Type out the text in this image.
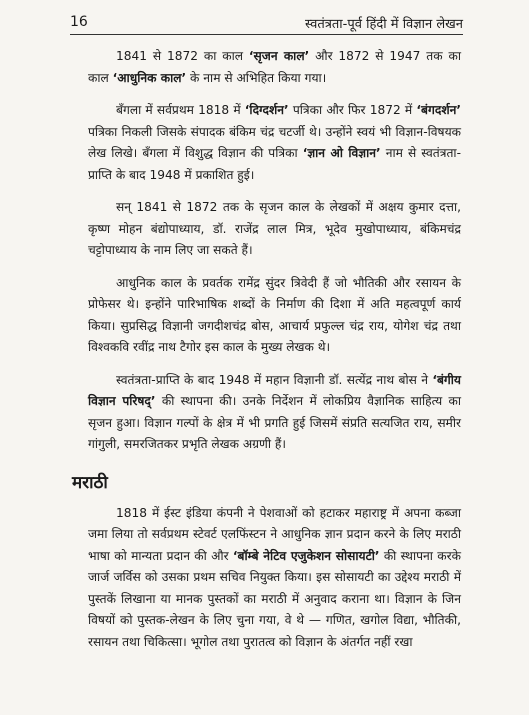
16	स्वतंत्रता-पूर्व हिंदी में विज्ञान लेखन

1841 से 1872 का काल ‘सृजन काल’ और 1872 से 1947 तक का काल ‘आधुनिक काल’ के नाम से अभिहित किया गया।

बँगला में सर्वप्रथम 1818 में ‘दिग्दर्शन’ पत्रिका और फिर 1872 में ‘बंगदर्शन’ पत्रिका निकली जिसके संपादक बंकिम चंद्र चटर्जी थे। उन्होंने स्वयं भी विज्ञान-विषयक लेख लिखे। बँगला में विशुद्ध विज्ञान की पत्रिका ‘ज्ञान ओ विज्ञान’ नाम से स्वतंत्रता-प्राप्ति के बाद 1948 में प्रकाशित हुई।

सन् 1841 से 1872 तक के सृजन काल के लेखकों में अक्षय कुमार दत्ता, कृष्ण मोहन बंद्योपाध्याय, डॉ. राजेंद्र लाल मित्र, भूदेव मुखोपाध्याय, बंकिमचंद्र चट्टोपाध्याय के नाम लिए जा सकते हैं।

आधुनिक काल के प्रवर्तक रामेंद्र सुंदर त्रिवेदी हैं जो भौतिकी और रसायन के प्रोफेसर थे। इन्होंने पारिभाषिक शब्दों के निर्माण की दिशा में अति महत्वपूर्ण कार्य किया। सुप्रसिद्ध विज्ञानी जगदीशचंद्र बोस, आचार्य प्रफुल्ल चंद्र राय, योगेश चंद्र तथा विश्वकवि रवींद्र नाथ टैगोर इस काल के मुख्य लेखक थे।

स्वतंत्रता-प्राप्ति के बाद 1948 में महान विज्ञानी डॉ. सत्येंद्र नाथ बोस ने ‘बंगीय विज्ञान परिषद्’ की स्थापना की। उनके निर्देशन में लोकप्रिय वैज्ञानिक साहित्य का सृजन हुआ। विज्ञान गल्पों के क्षेत्र में भी प्रगति हुई जिसमें संप्रति सत्यजित राय, समीर गांगुली, समरजितकर प्रभृति लेखक अग्रणी हैं।

मराठी

1818 में ईस्ट इंडिया कंपनी ने पेशवाओं को हटाकर महाराष्ट्र में अपना कब्जा जमा लिया तो सर्वप्रथम स्टेवर्ट एलफिंस्टन ने आधुनिक ज्ञान प्रदान करने के लिए मराठी भाषा को मान्यता प्रदान की और ‘बॉम्बे नेटिव एजुकेशन सोसायटी’ की स्थापना करके जार्ज जर्विस को उसका प्रथम सचिव नियुक्त किया। इस सोसायटी का उद्देश्य मराठी में पुस्तकें लिखाना या मानक पुस्तकों का मराठी में अनुवाद कराना था। विज्ञान के जिन विषयों को पुस्तक-लेखन के लिए चुना गया, वे थे — गणित, खगोल विद्या, भौतिकी, रसायन तथा चिकित्सा। भूगोल तथा पुरातत्व को विज्ञान के अंतर्गत नहीं रखा
